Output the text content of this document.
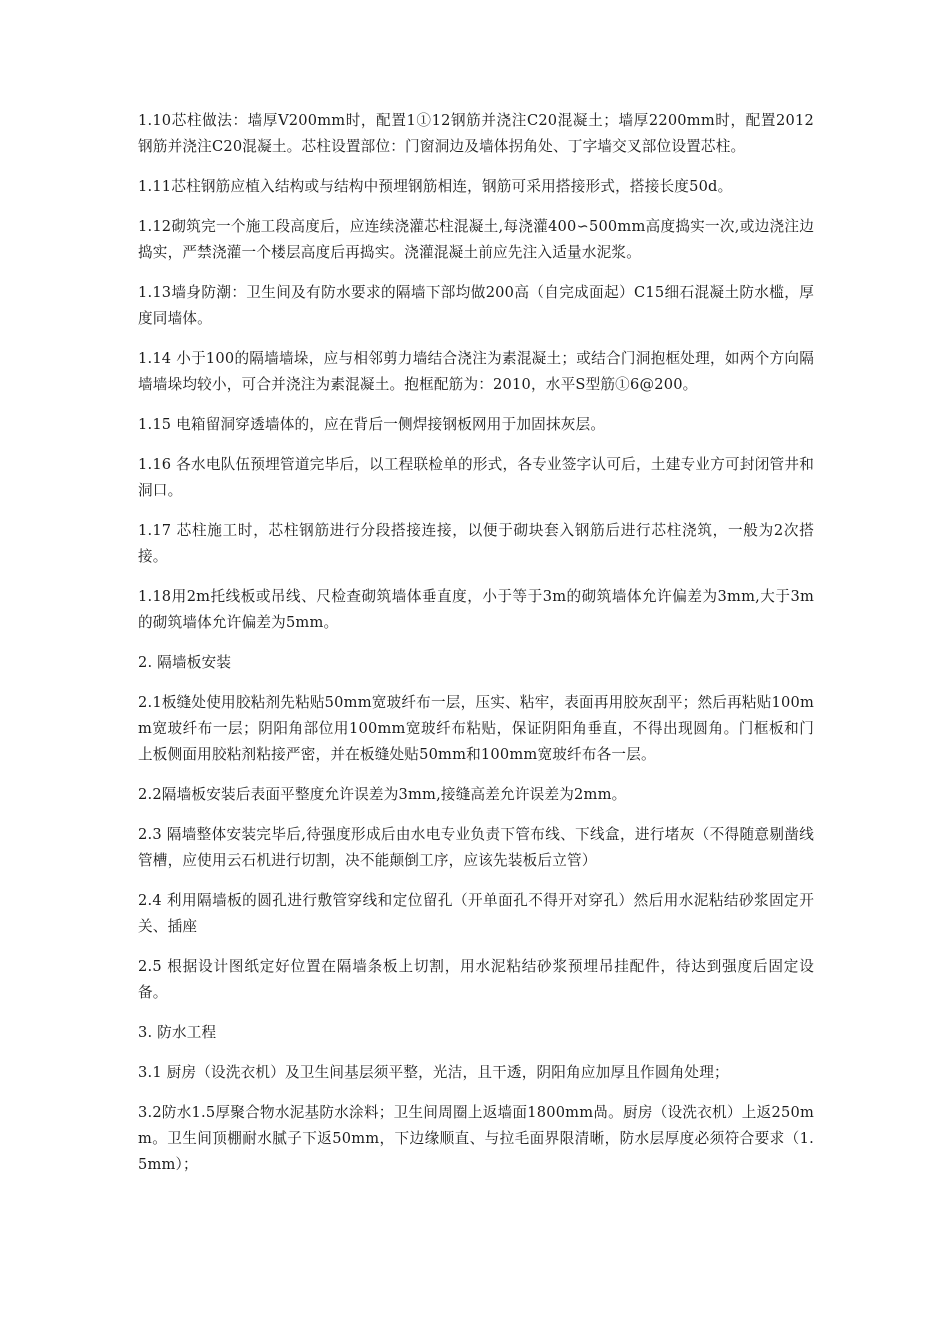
1.10芯柱做法：墙厚V200mm时，配置1①12钢筋并浇注C20混凝土；墙厚2200mm时，配置2012钢筋并浇注C20混凝土。芯柱设置部位：门窗洞边及墙体拐角处、丁字墙交叉部位设置芯柱。

1.11芯柱钢筋应植入结构或与结构中预埋钢筋相连，钢筋可采用搭接形式，搭接长度50d。

1.12砌筑完一个施工段高度后，应连续浇灌芯柱混凝土,每浇灌400∽500mm高度捣实一次,或边浇注边捣实，严禁浇灌一个楼层高度后再捣实。浇灌混凝土前应先注入适量水泥浆。

1.13墙身防潮：卫生间及有防水要求的隔墙下部均做200高（自完成面起）C15细石混凝土防水槛，厚度同墙体。

1.14 小于100的隔墙墙垛，应与相邻剪力墙结合浇注为素混凝土；或结合门洞抱框处理，如两个方向隔墙墙垛均较小，可合并浇注为素混凝土。抱框配筋为：2010，水平S型筋①6@200。

1.15 电箱留洞穿透墙体的，应在背后一侧焊接钢板网用于加固抹灰层。

1.16 各水电队伍预埋管道完毕后，以工程联检单的形式，各专业签字认可后，土建专业方可封闭管井和洞口。

1.17 芯柱施工时，芯柱钢筋进行分段搭接连接，以便于砌块套入钢筋后进行芯柱浇筑，一般为2次搭接。

1.18用2m托线板或吊线、尺检查砌筑墙体垂直度，小于等于3m的砌筑墙体允许偏差为3mm,大于3m的砌筑墙体允许偏差为5mm。

2. 隔墙板安装

2.1板缝处使用胶粘剂先粘贴50mm宽玻纤布一层，压实、粘牢，表面再用胶灰刮平；然后再粘贴100mm宽玻纤布一层；阴阳角部位用100mm宽玻纤布粘贴，保证阴阳角垂直，不得出现圆角。门框板和门上板侧面用胶粘剂粘接严密，并在板缝处贴50mm和100mm宽玻纤布各一层。

2.2隔墙板安装后表面平整度允许误差为3mm,接缝高差允许误差为2mm。

2.3 隔墙整体安装完毕后,待强度形成后由水电专业负责下管布线、下线盒，进行堵灰（不得随意剔凿线管槽，应使用云石机进行切割，决不能颠倒工序，应该先装板后立管）

2.4 利用隔墙板的圆孔进行敷管穿线和定位留孔（开单面孔不得开对穿孔）然后用水泥粘结砂浆固定开关、插座

2.5 根据设计图纸定好位置在隔墙条板上切割，用水泥粘结砂浆预埋吊挂配件，待达到强度后固定设备。

3. 防水工程

3.1 厨房（设洗衣机）及卫生间基层须平整，光洁，且干透，阴阳角应加厚且作圆角处理；

3.2防水1.5厚聚合物水泥基防水涂料；卫生间周圈上返墙面1800mm咼。厨房（设洗衣机）上返250mm。卫生间顶棚耐水腻子下返50mm，下边缘顺直、与拉毛面界限清晰，防水层厚度必须符合要求（1.5mm）；
